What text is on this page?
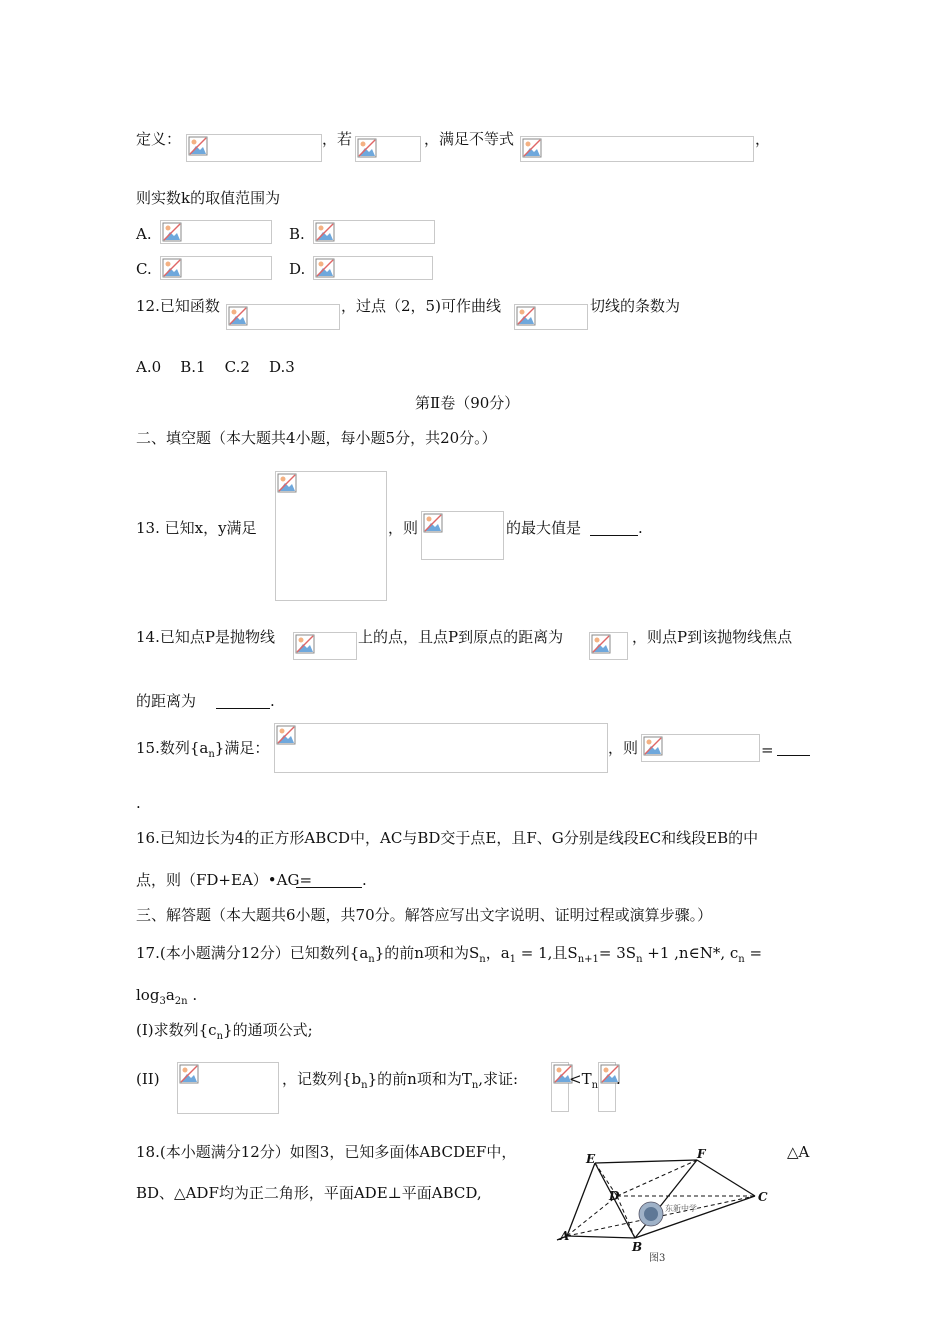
定义：	，若	，满足不等式	，
则实数k的取值范围为
A.	B.
C.	D.
12.已知函数	，过点（2，5)可作曲线	切线的条数为
A.0    B.1    C.2    D.3
第Ⅱ卷（90分）
二、填空题（本大题共4小题，每小题5分，共20分。）
13. 已知x，y满足	，则	的最大值是	.
14.已知点P是抛物线	上的点，且点P到原点的距离为	，则点P到该抛物线焦点
的距离为	.
15.数列$\{a_n\}$满足：	，则	=
.
16.已知边长为4的正方形ABCD中，AC与BD交于点E，且F、G分别是线段EC和线段EB的中
点，则（FD+EA）•AG=	.
三、解答题（本大题共6小题，共70分。解答应写出文字说明、证明过程或演算步骤。）
17.(本小题满分12分）已知数列$\{a_n\}$的前n项和为$S_n$，$a_1 = 1$,且$S_{n+1}= 3S_n +1$ ,n∈N*, $c_n$ =
$\log_3a_{2n}$ .
(I)求数列$\{c_n\}$的通项公式;
(II)	，记数列$\{b_n\}$的前n项和为$T_n$,求证:	$<T_n$	.
18.(本小题满分12分）如图3，已知多面体ABCDEF中，	△A
BD、△ADF均为正二角形，平面ADE⊥平面ABCD,
东新中学
E	F
D	C
A
B
图3
